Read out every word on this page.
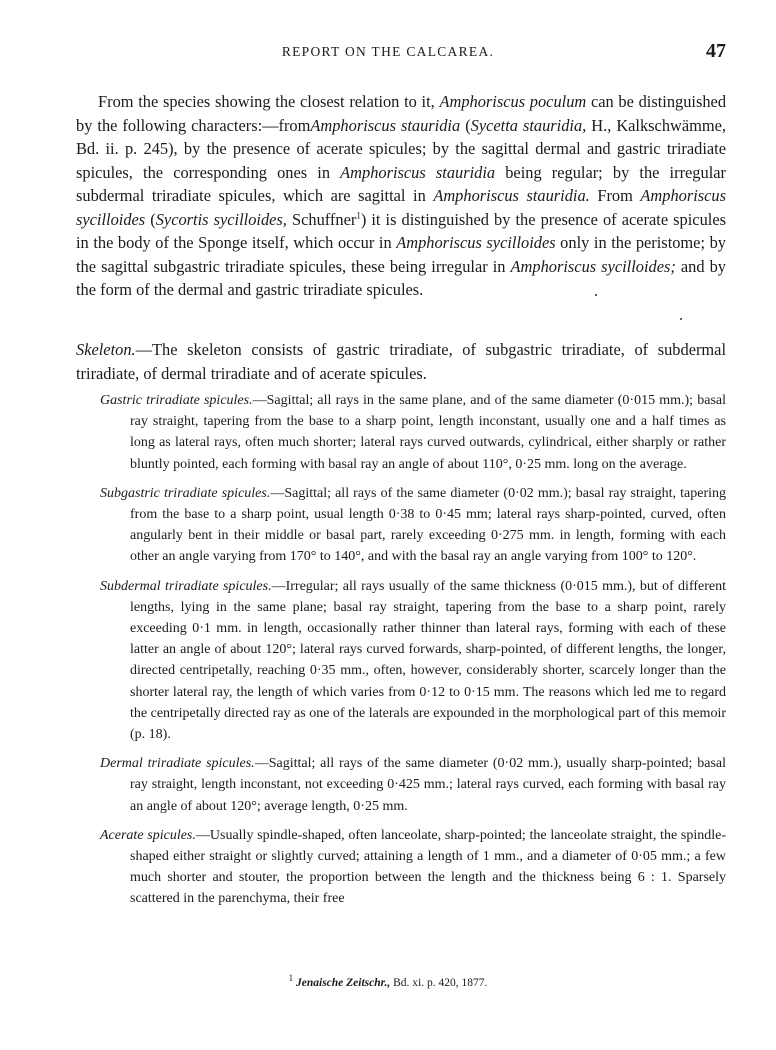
REPORT ON THE CALCAREA.	47

From the species showing the closest relation to it, Amphoriscus poculum can be distinguished by the following characters:—fromAmphoriscus stauridia (Sycetta stauridia, H., Kalkschwämme, Bd. ii. p. 245), by the presence of acerate spicules; by the sagittal dermal and gastric triradiate spicules, the corresponding ones in Amphoriscus stauridia being regular; by the irregular subdermal triradiate spicules, which are sagittal in Amphoriscus stauridia. From Amphoriscus sycilloides (Sycortis sycilloides, Schuffner$^1$) it is distinguished by the presence of acerate spicules in the body of the Sponge itself, which occur in Amphoriscus sycilloides only in the peristome; by the sagittal subgastric triradiate spicules, these being irregular in Amphoriscus sycilloides; and by the form of the dermal and gastric triradiate spicules.

Skeleton.—The skeleton consists of gastric triradiate, of subgastric triradiate, of subdermal triradiate, of dermal triradiate and of acerate spicules.

Gastric triradiate spicules.—Sagittal; all rays in the same plane, and of the same diameter (0·015 mm.); basal ray straight, tapering from the base to a sharp point, length inconstant, usually one and a half times as long as lateral rays, often much shorter; lateral rays curved outwards, cylindrical, either sharply or rather bluntly pointed, each forming with basal ray an angle of about 110°, 0·25 mm. long on the average.

Subgastric triradiate spicules.—Sagittal; all rays of the same diameter (0·02 mm.); basal ray straight, tapering from the base to a sharp point, usual length 0·38 to 0·45 mm; lateral rays sharp-pointed, curved, often angularly bent in their middle or basal part, rarely exceeding 0·275 mm. in length, forming with each other an angle varying from 170° to 140°, and with the basal ray an angle varying from 100° to 120°.

Subdermal triradiate spicules.—Irregular; all rays usually of the same thickness (0·015 mm.), but of different lengths, lying in the same plane; basal ray straight, tapering from the base to a sharp point, rarely exceeding 0·1 mm. in length, occasionally rather thinner than lateral rays, forming with each of these latter an angle of about 120°; lateral rays curved forwards, sharp-pointed, of different lengths, the longer, directed centripetally, reaching 0·35 mm., often, however, considerably shorter, scarcely longer than the shorter lateral ray, the length of which varies from 0·12 to 0·15 mm. The reasons which led me to regard the centripetally directed ray as one of the laterals are expounded in the morphological part of this memoir (p. 18).

Dermal triradiate spicules.—Sagittal; all rays of the same diameter (0·02 mm.), usually sharp-pointed; basal ray straight, length inconstant, not exceeding 0·425 mm.; lateral rays curved, each forming with basal ray an angle of about 120°; average length, 0·25 mm.

Acerate spicules.—Usually spindle-shaped, often lanceolate, sharp-pointed; the lanceolate straight, the spindle-shaped either straight or slightly curved; attaining a length of 1 mm., and a diameter of 0·05 mm.; a few much shorter and stouter, the proportion between the length and the thickness being 6 : 1. Sparsely scattered in the parenchyma, their free

$^1$ Jenaische Zeitschr., Bd. xi. p. 420, 1877.
